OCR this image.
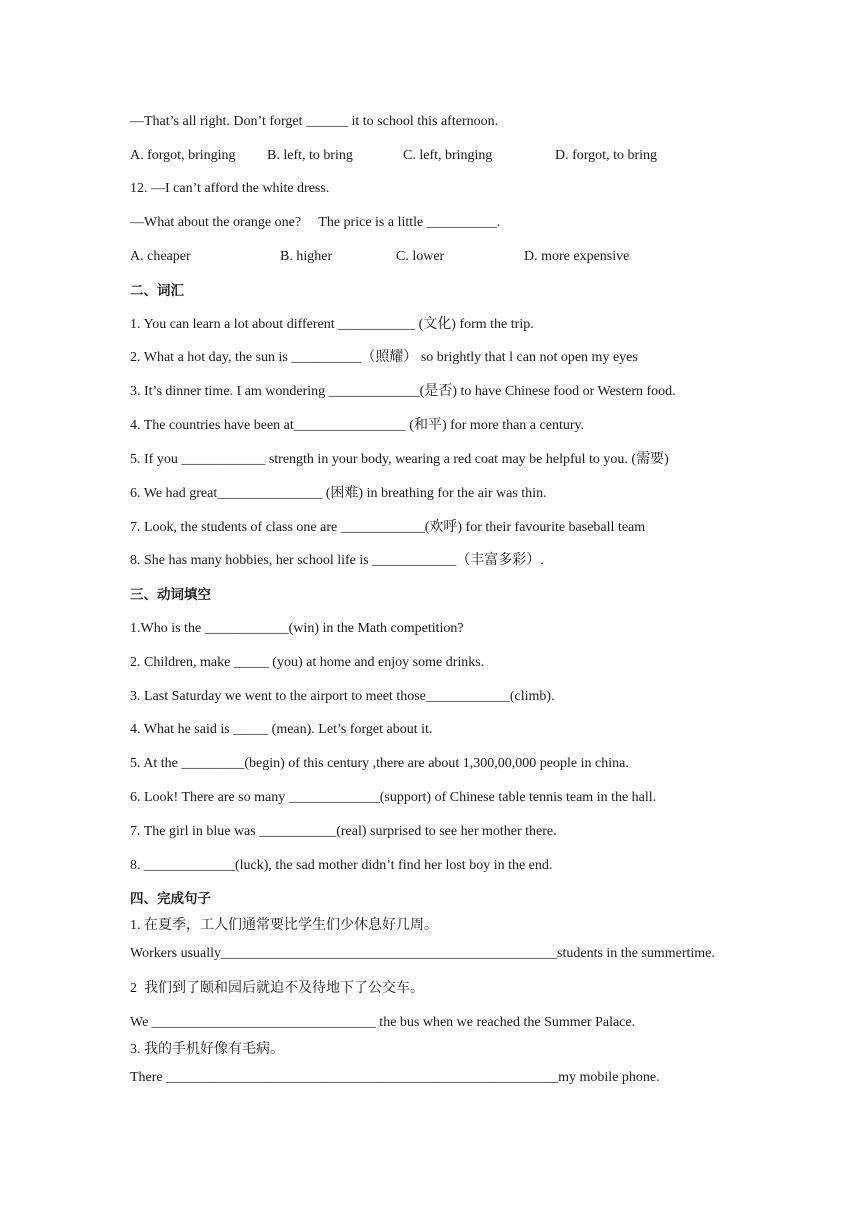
—That’s all right. Don’t forget ______ it to school this afternoon.
A. forgot, bringing B. left, to bring	C. left, bringing	D. forgot, to bring
12. —I can’t afford the white dress.
—What about the orange one?     The price is a little __________.
A. cheaper	B. higher	C. lower	D. more expensive
二、词汇
1. You can learn a lot about different ___________ (文化) form the trip.
2. What a hot day, the sun is __________（照耀） so brightly that l can not open my eyes
3. It’s dinner time. I am wondering _____________(是否) to have Chinese food or Western food.
4. The countries have been at________________ (和平) for more than a century.
5. If you ____________ strength in your body, wearing a red coat may be helpful to you. (需要)
6. We had great_______________ (困难) in breathing for the air was thin.
7. Look, the students of class one are ____________(欢呼) for their favourite baseball team
8. She has many hobbies, her school life is ____________（丰富多彩）.
三、动词填空
1.Who is the ____________(win) in the Math competition?
2. Children, make _____ (you) at home and enjoy some drinks.
3. Last Saturday we went to the airport to meet those____________(climb).
4. What he said is _____ (mean). Let’s forget about it.
5. At the _________(begin) of this century ,there are about 1,300,00,000 people in china.
6. Look! There are so many _____________(support) of Chinese table tennis team in the hall.
7. The girl in blue was ___________(real) surprised to see her mother there.
8. _____________(luck), the sad mother didn’t find her lost boy in the end.
四、完成句子
1. 在夏季，工人们通常要比学生们少休息好几周。
Workers usually________________________________________________students in the summertime.
2  我们到了颐和园后就迫不及待地下了公交车。
We ________________________________ the bus when we reached the Summer Palace.
3. 我的手机好像有毛病。
There ________________________________________________________my mobile phone.
